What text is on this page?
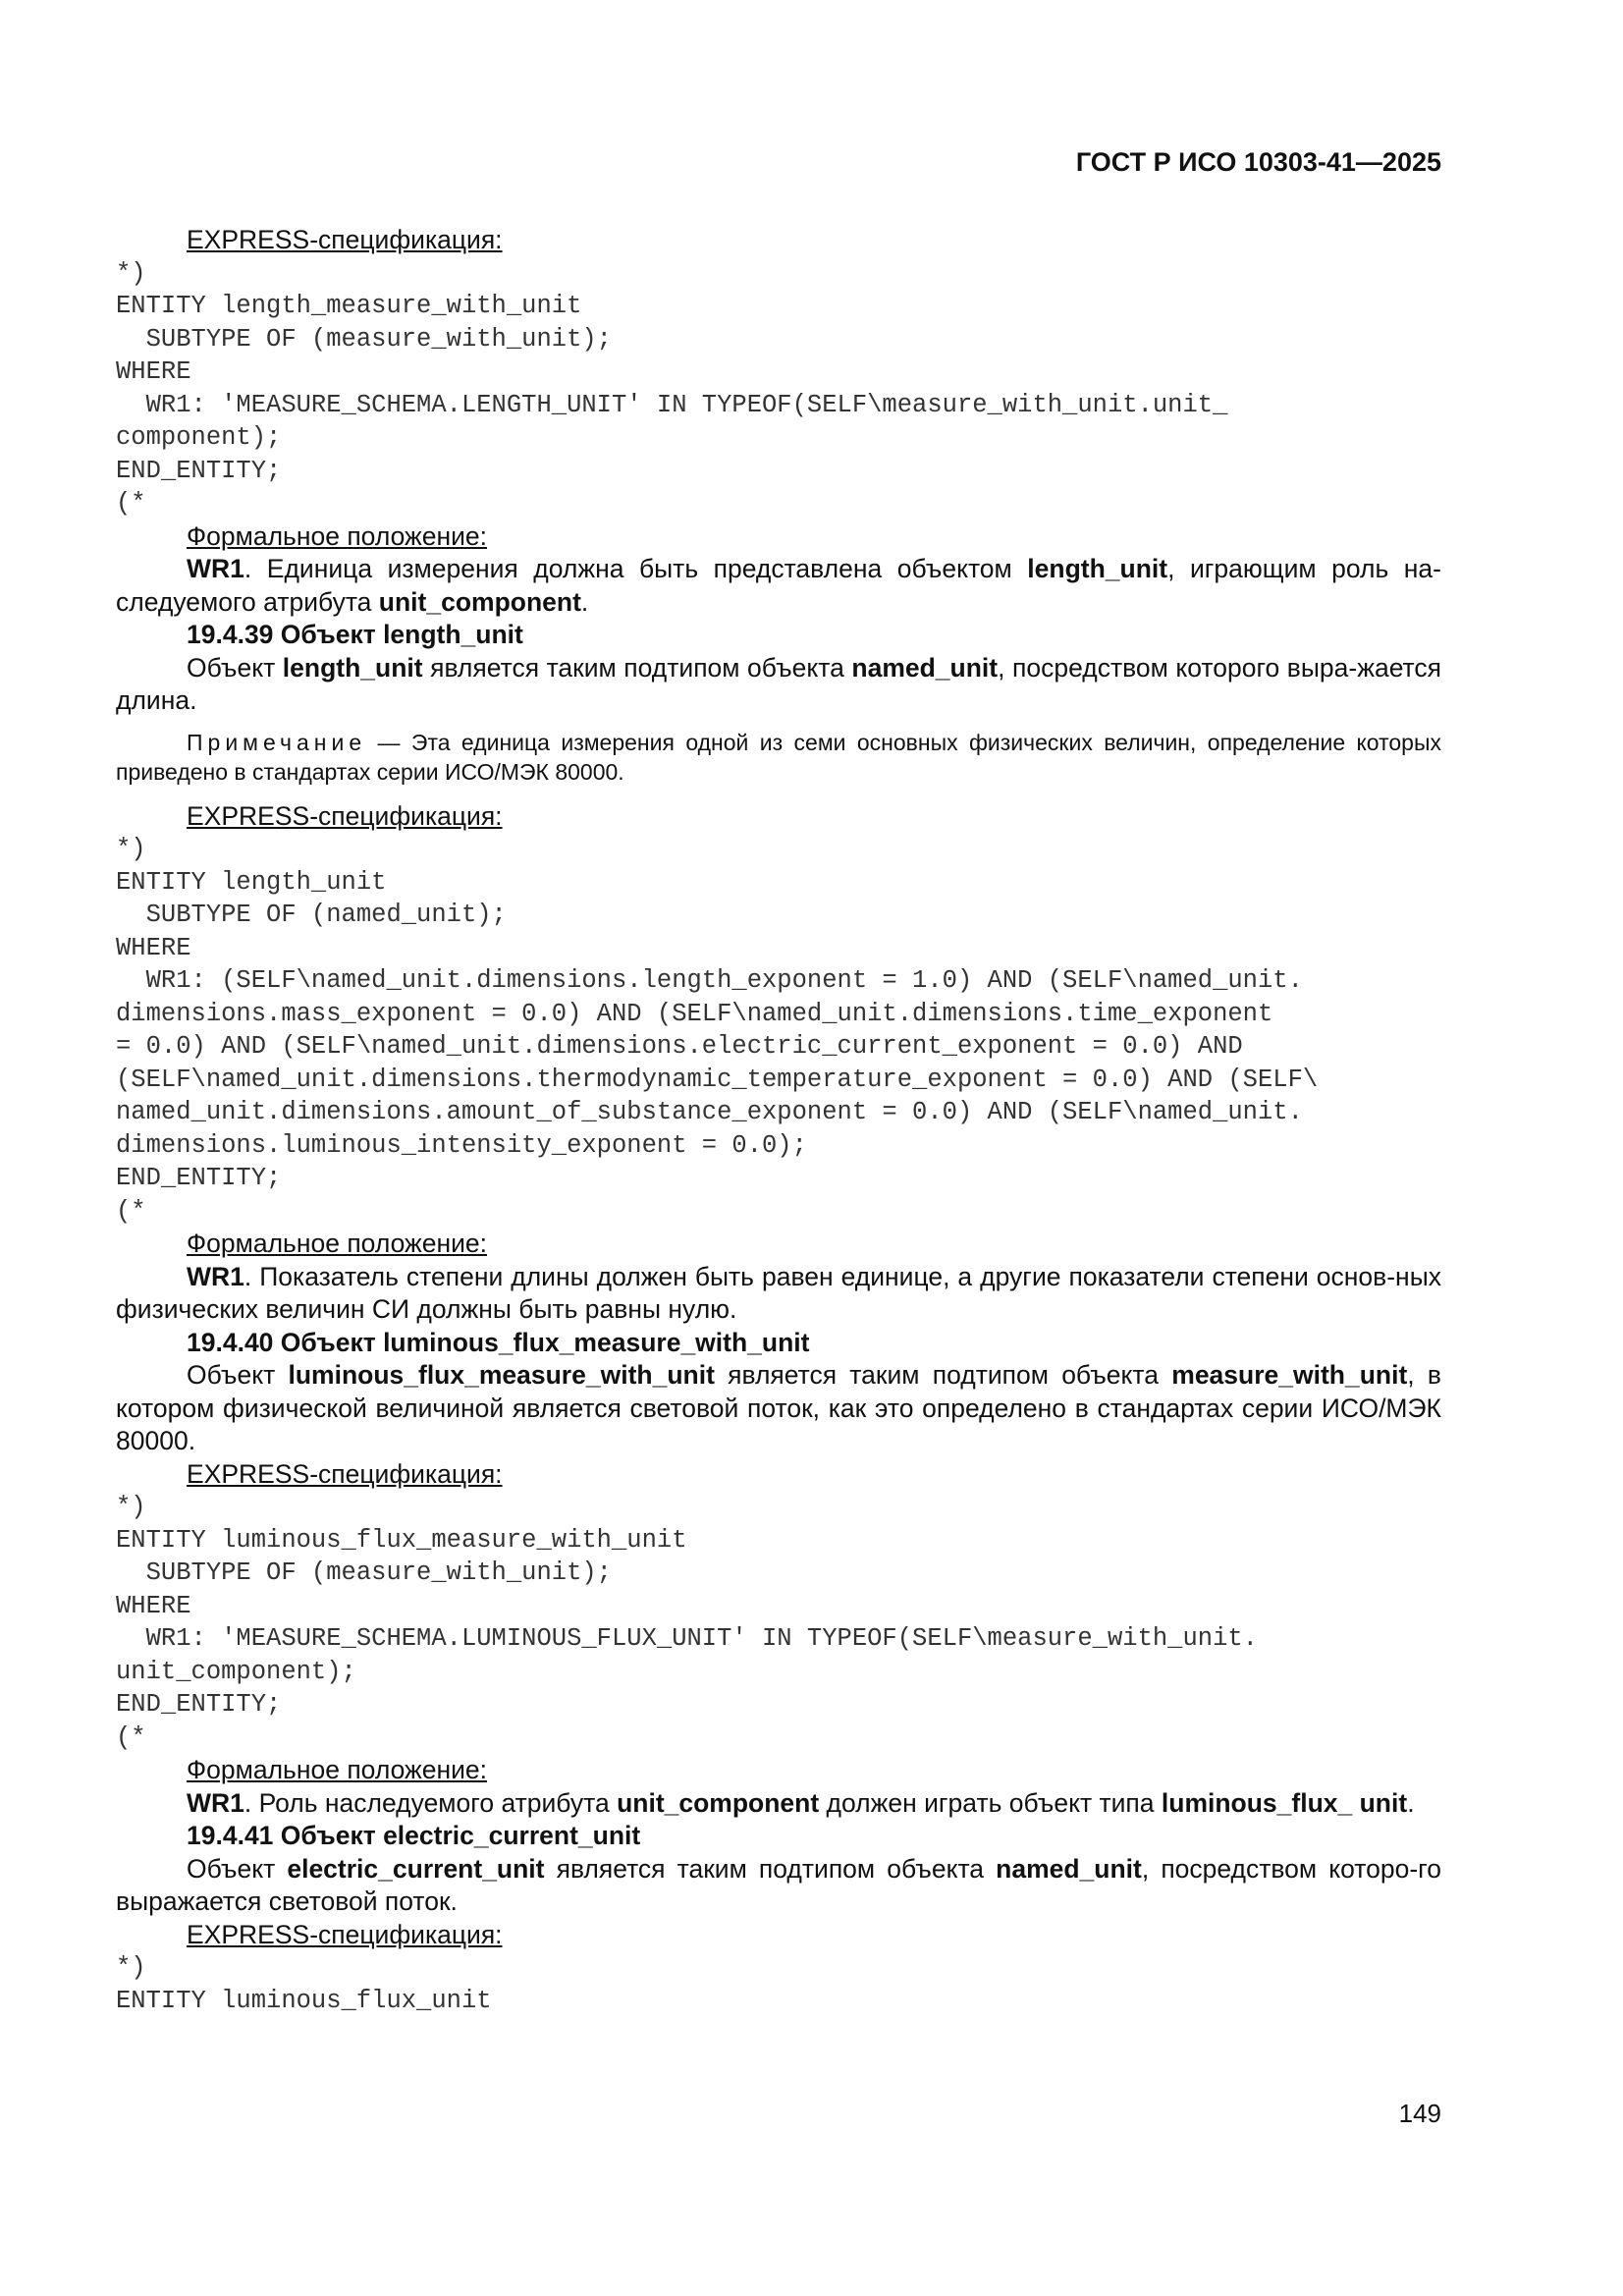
ГОСТ Р ИСО 10303-41—2025
EXPRESS-спецификация:
*)
ENTITY length_measure_with_unit
SUBTYPE OF (measure_with_unit);
WHERE
WR1: 'MEASURE_SCHEMA.LENGTH_UNIT' IN TYPEOF(SELF\measure_with_unit.unit_
component);
END_ENTITY;
(*
Формальное положение:
WR1. Единица измерения должна быть представлена объектом length_unit, играющим роль на-следуемого атрибута unit_component.
19.4.39 Объект length_unit
Объект length_unit является таким подтипом объекта named_unit, посредством которого выра-жается длина.
Примечание — Эта единица измерения одной из семи основных физических величин, определение которых приведено в стандартах серии ИСО/МЭК 80000.
EXPRESS-спецификация:
*)
ENTITY length_unit
SUBTYPE OF (named_unit);
WHERE
WR1: (SELF\named_unit.dimensions.length_exponent = 1.0) AND (SELF\named_unit.
dimensions.mass_exponent = 0.0) AND (SELF\named_unit.dimensions.time_exponent
= 0.0) AND (SELF\named_unit.dimensions.electric_current_exponent = 0.0) AND
(SELF\named_unit.dimensions.thermodynamic_temperature_exponent = 0.0) AND (SELF\
named_unit.dimensions.amount_of_substance_exponent = 0.0) AND (SELF\named_unit.
dimensions.luminous_intensity_exponent = 0.0);
END_ENTITY;
(*
Формальное положение:
WR1. Показатель степени длины должен быть равен единице, а другие показатели степени основ-ных физических величин СИ должны быть равны нулю.
19.4.40 Объект luminous_flux_measure_with_unit
Объект luminous_flux_measure_with_unit является таким подтипом объекта measure_with_unit, в котором физической величиной является световой поток, как это определено в стандартах серии ИСО/МЭК 80000.
EXPRESS-спецификация:
*)
ENTITY luminous_flux_measure_with_unit
SUBTYPE OF (measure_with_unit);
WHERE
WR1: 'MEASURE_SCHEMA.LUMINOUS_FLUX_UNIT' IN TYPEOF(SELF\measure_with_unit.
unit_component);
END_ENTITY;
(*
Формальное положение:
WR1. Роль наследуемого атрибута unit_component должен играть объект типа luminous_flux_ unit.
19.4.41 Объект electric_current_unit
Объект electric_current_unit является таким подтипом объекта named_unit, посредством которо-го выражается световой поток.
EXPRESS-спецификация:
*)
ENTITY luminous_flux_unit
149
